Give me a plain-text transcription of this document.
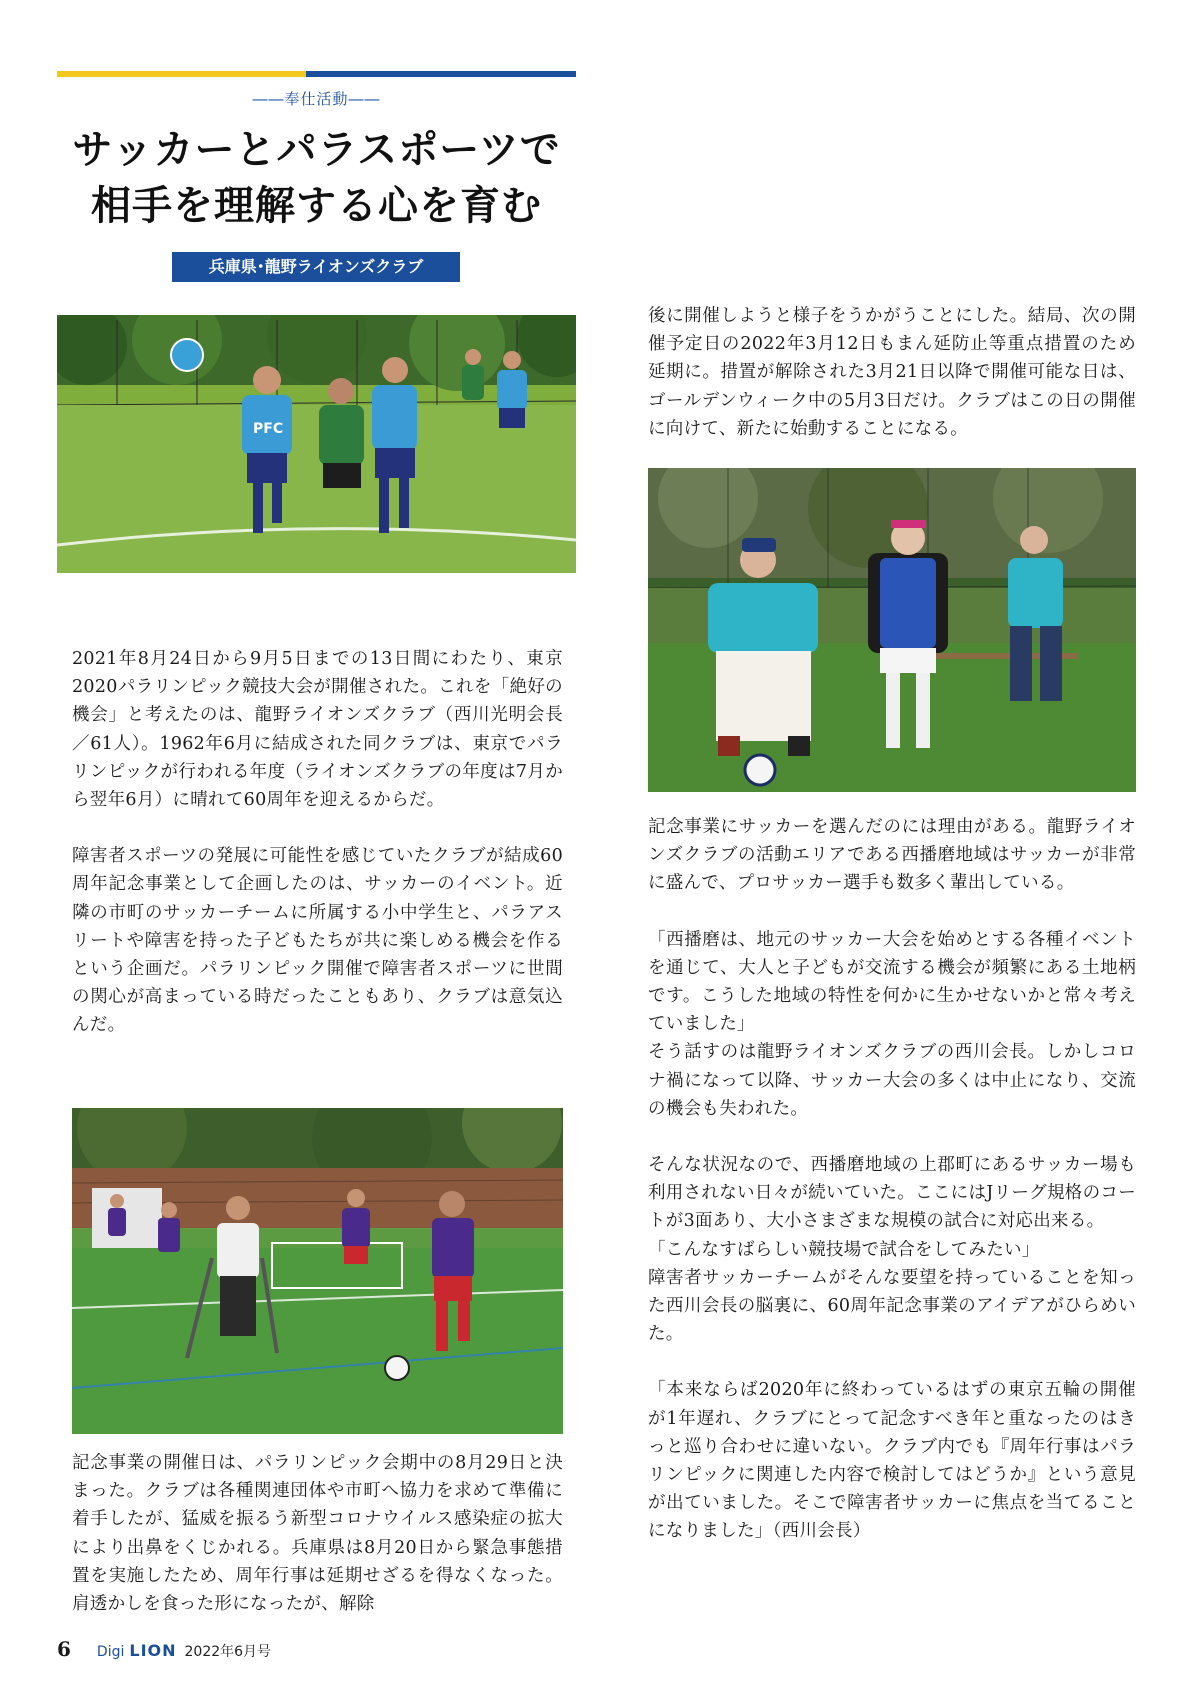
――奉仕活動――
サッカーとパラスポーツで
相手を理解する心を育む
兵庫県･龍野ライオンズクラブ
PFC

2021年8月24日から9月5日までの13日間にわたり、東京2020パラリンピック競技大会が開催された。これを「絶好の機会」と考えたのは、龍野ライオンズクラブ（西川光明会長／61人）。1962年6月に結成された同クラブは、東京でパラリンピックが行われる年度（ライオンズクラブの年度は7月から翌年6月）に晴れて60周年を迎えるからだ。

障害者スポーツの発展に可能性を感じていたクラブが結成60周年記念事業として企画したのは、サッカーのイベント。近隣の市町のサッカーチームに所属する小中学生と、パラアスリートや障害を持った子どもたちが共に楽しめる機会を作るという企画だ。パラリンピック開催で障害者スポーツに世間の関心が高まっている時だったこともあり、クラブは意気込んだ。

記念事業の開催日は、パラリンピック会期中の8月29日と決まった。クラブは各種関連団体や市町へ協力を求めて準備に着手したが、猛威を振るう新型コロナウイルス感染症の拡大により出鼻をくじかれる。兵庫県は8月20日から緊急事態措置を実施したため、周年行事は延期せざるを得なくなった。肩透かしを食った形になったが、解除

後に開催しようと様子をうかがうことにした。結局、次の開催予定日の2022年3月12日もまん延防止等重点措置のため延期に。措置が解除された3月21日以降で開催可能な日は、ゴールデンウィーク中の5月3日だけ。クラブはこの日の開催に向けて、新たに始動することになる。

記念事業にサッカーを選んだのには理由がある。龍野ライオンズクラブの活動エリアである西播磨地域はサッカーが非常に盛んで、プロサッカー選手も数多く輩出している。

「西播磨は、地元のサッカー大会を始めとする各種イベントを通じて、大人と子どもが交流する機会が頻繁にある土地柄です。こうした地域の特性を何かに生かせないかと常々考えていました」
そう話すのは龍野ライオンズクラブの西川会長。しかしコロナ禍になって以降、サッカー大会の多くは中止になり、交流の機会も失われた。

そんな状況なので、西播磨地域の上郡町にあるサッカー場も利用されない日々が続いていた。ここにはJリーグ規格のコートが3面あり、大小さまざまな規模の試合に対応出来る。
「こんなすばらしい競技場で試合をしてみたい」
障害者サッカーチームがそんな要望を持っていることを知った西川会長の脳裏に、60周年記念事業のアイデアがひらめいた。

「本来ならば2020年に終わっているはずの東京五輪の開催が1年遅れ、クラブにとって記念すべき年と重なったのはきっと巡り合わせに違いない。クラブ内でも『周年行事はパラリンピックに関連した内容で検討してはどうか』という意見が出ていました。そこで障害者サッカーに焦点を当てることになりました」（西川会長）

6 Digi LION 2022年6月号
